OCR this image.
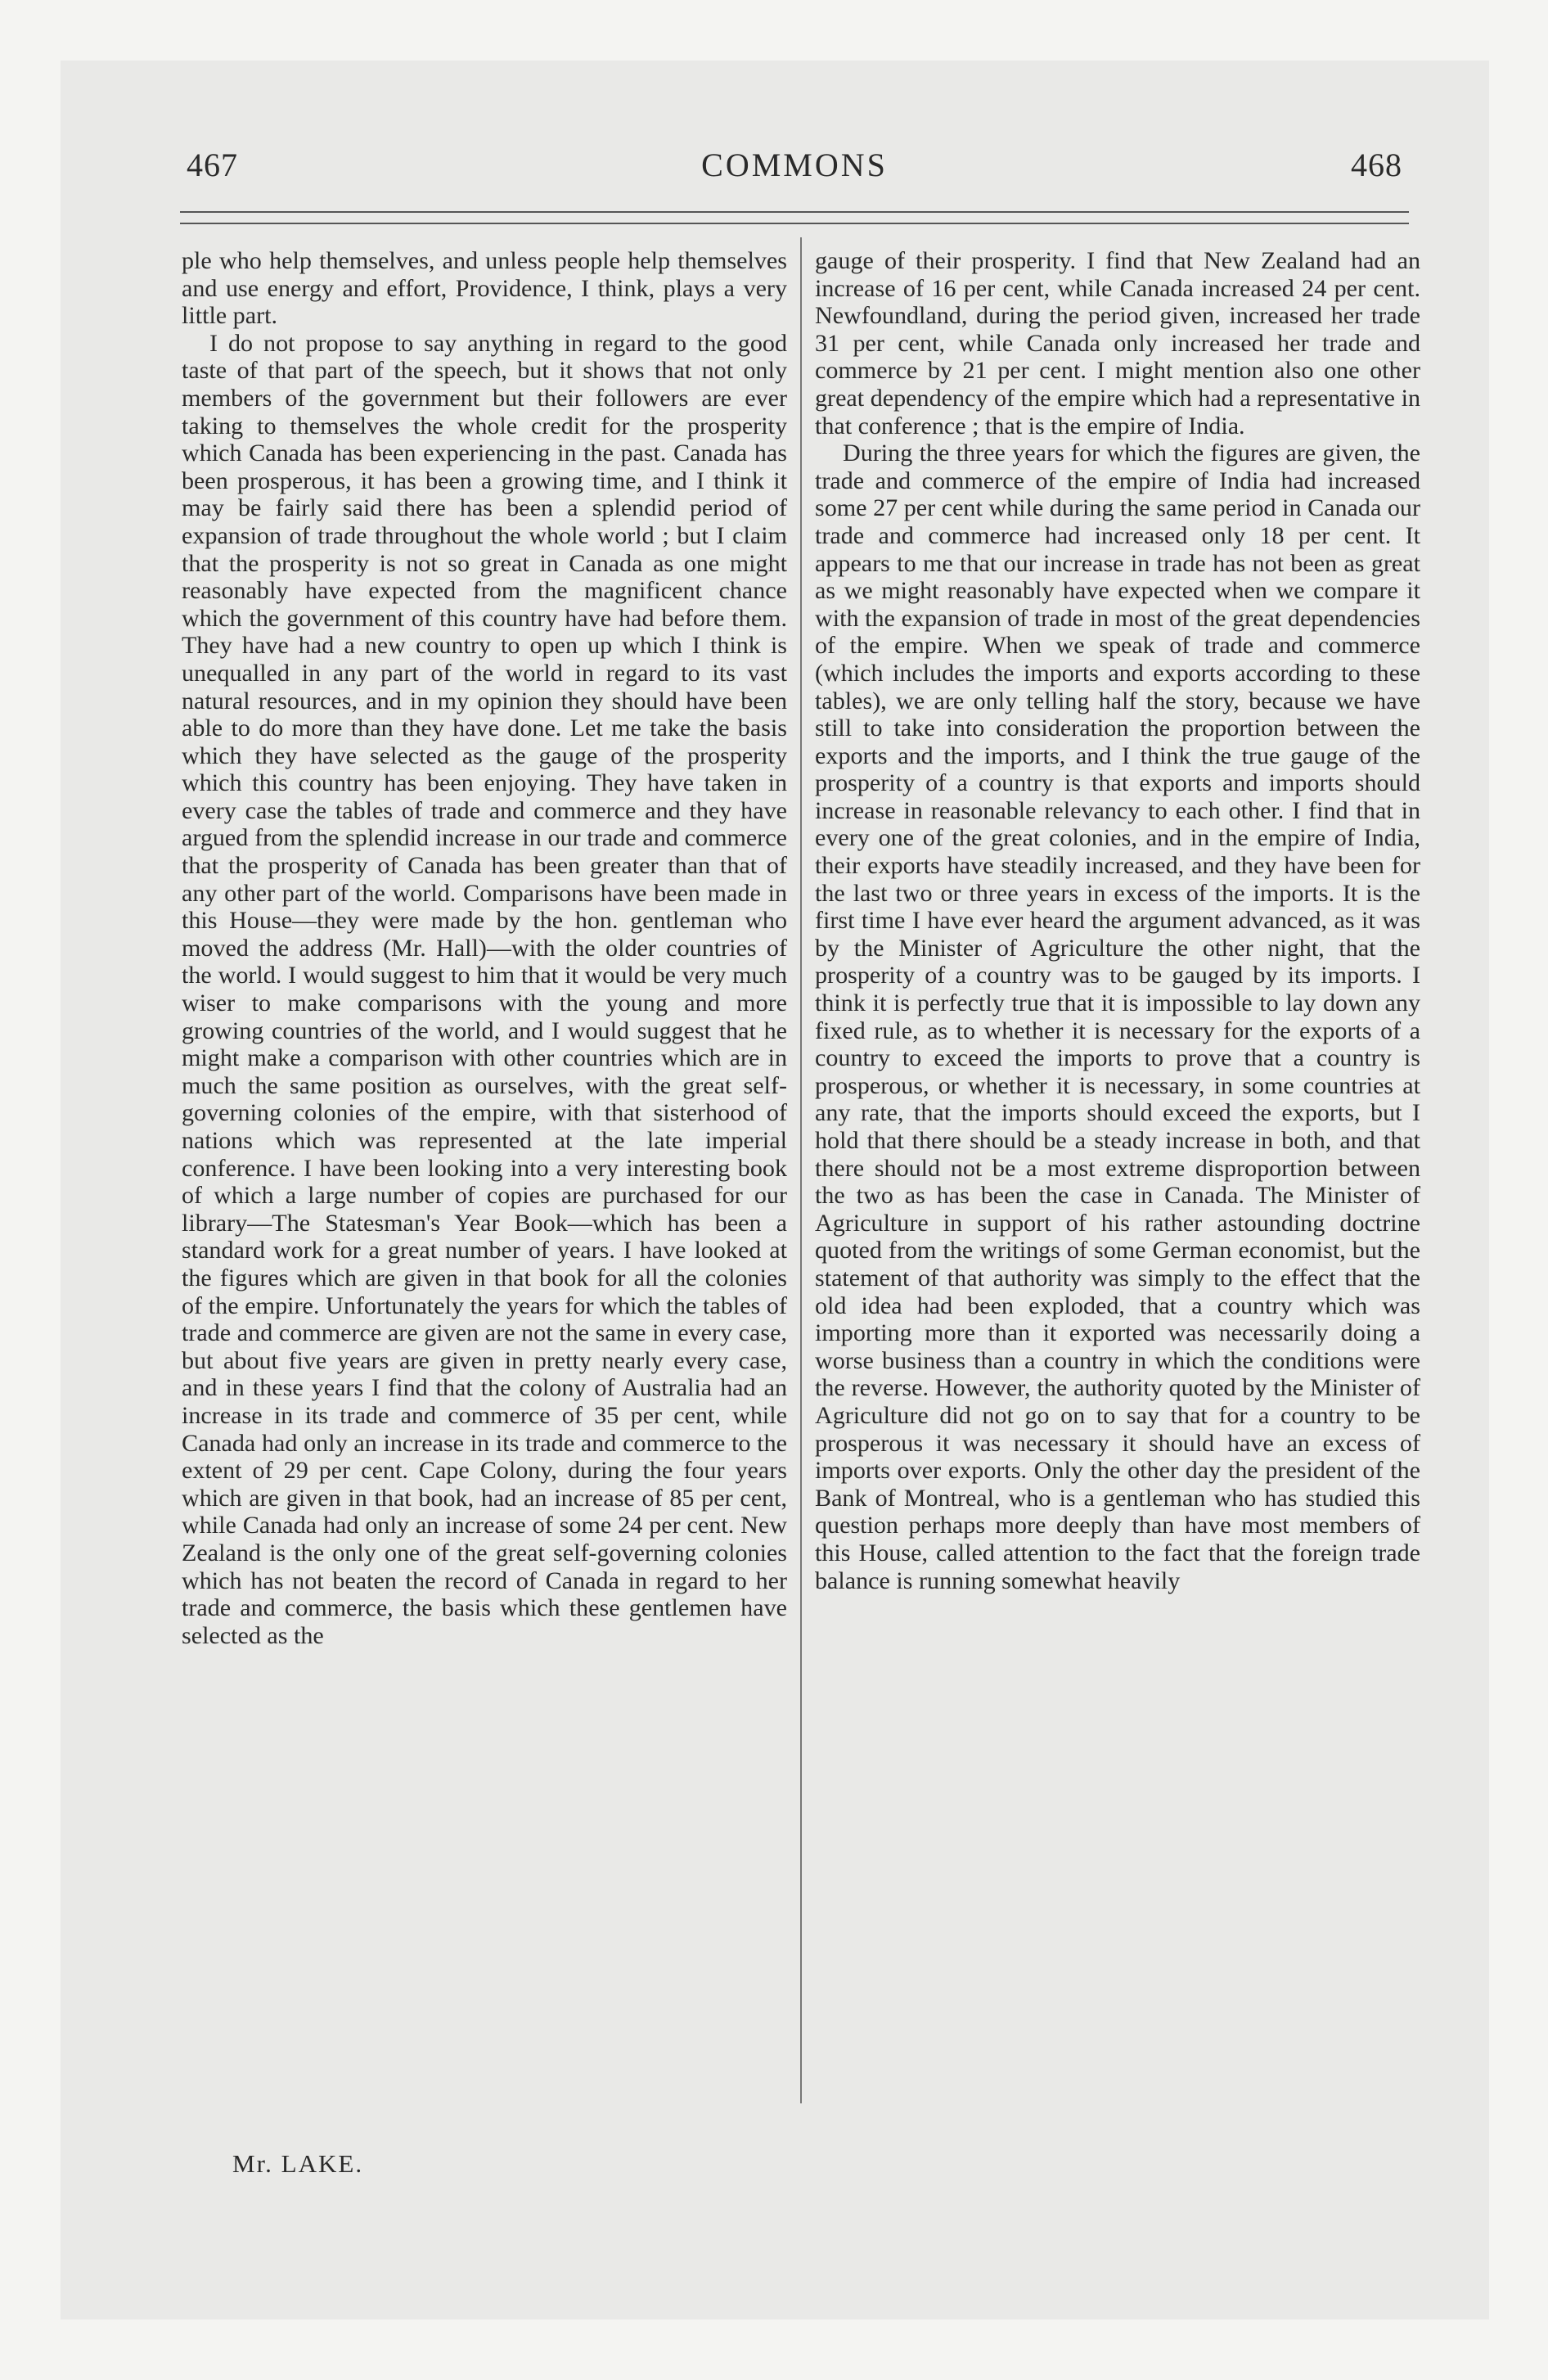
467	COMMONS	468

ple who help themselves, and unless people help themselves and use energy and effort, Providence, I think, plays a very little part.

I do not propose to say anything in regard to the good taste of that part of the speech, but it shows that not only members of the government but their followers are ever taking to themselves the whole credit for the prosperity which Canada has been experiencing in the past. Canada has been prosperous, it has been a growing time, and I think it may be fairly said there has been a splendid period of expansion of trade throughout the whole world ; but I claim that the prosperity is not so great in Canada as one might reasonably have expected from the magnificent chance which the government of this country have had before them. They have had a new country to open up which I think is unequalled in any part of the world in regard to its vast natural resources, and in my opinion they should have been able to do more than they have done. Let me take the basis which they have selected as the gauge of the prosperity which this country has been enjoying. They have taken in every case the tables of trade and commerce and they have argued from the splendid increase in our trade and commerce that the prosperity of Canada has been greater than that of any other part of the world. Comparisons have been made in this House—they were made by the hon. gentleman who moved the address (Mr. Hall)—with the older countries of the world. I would suggest to him that it would be very much wiser to make comparisons with the young and more growing countries of the world, and I would suggest that he might make a comparison with other countries which are in much the same position as ourselves, with the great self-governing colonies of the empire, with that sisterhood of nations which was represented at the late imperial conference. I have been looking into a very interesting book of which a large number of copies are purchased for our library—The Statesman's Year Book—which has been a standard work for a great number of years. I have looked at the figures which are given in that book for all the colonies of the empire. Unfortunately the years for which the tables of trade and commerce are given are not the same in every case, but about five years are given in pretty nearly every case, and in these years I find that the colony of Australia had an increase in its trade and commerce of 35 per cent, while Canada had only an increase in its trade and commerce to the extent of 29 per cent. Cape Colony, during the four years which are given in that book, had an increase of 85 per cent, while Canada had only an increase of some 24 per cent. New Zealand is the only one of the great self-governing colonies which has not beaten the record of Canada in regard to her trade and commerce, the basis which these gentlemen have selected as the

gauge of their prosperity. I find that New Zealand had an increase of 16 per cent, while Canada increased 24 per cent. Newfoundland, during the period given, increased her trade 31 per cent, while Canada only increased her trade and commerce by 21 per cent. I might mention also one other great dependency of the empire which had a representative in that conference ; that is the empire of India.

During the three years for which the figures are given, the trade and commerce of the empire of India had increased some 27 per cent while during the same period in Canada our trade and commerce had increased only 18 per cent. It appears to me that our increase in trade has not been as great as we might reasonably have expected when we compare it with the expansion of trade in most of the great dependencies of the empire. When we speak of trade and commerce (which includes the imports and exports according to these tables), we are only telling half the story, because we have still to take into consideration the proportion between the exports and the imports, and I think the true gauge of the prosperity of a country is that exports and imports should increase in reasonable relevancy to each other. I find that in every one of the great colonies, and in the empire of India, their exports have steadily increased, and they have been for the last two or three years in excess of the imports. It is the first time I have ever heard the argument advanced, as it was by the Minister of Agriculture the other night, that the prosperity of a country was to be gauged by its imports. I think it is perfectly true that it is impossible to lay down any fixed rule, as to whether it is necessary for the exports of a country to exceed the imports to prove that a country is prosperous, or whether it is necessary, in some countries at any rate, that the imports should exceed the exports, but I hold that there should be a steady increase in both, and that there should not be a most extreme disproportion between the two as has been the case in Canada. The Minister of Agriculture in support of his rather astounding doctrine quoted from the writings of some German economist, but the statement of that authority was simply to the effect that the old idea had been exploded, that a country which was importing more than it exported was necessarily doing a worse business than a country in which the conditions were the reverse. However, the authority quoted by the Minister of Agriculture did not go on to say that for a country to be prosperous it was necessary it should have an excess of imports over exports. Only the other day the president of the Bank of Montreal, who is a gentleman who has studied this question perhaps more deeply than have most members of this House, called attention to the fact that the foreign trade balance is running somewhat heavily

Mr. LAKE.
